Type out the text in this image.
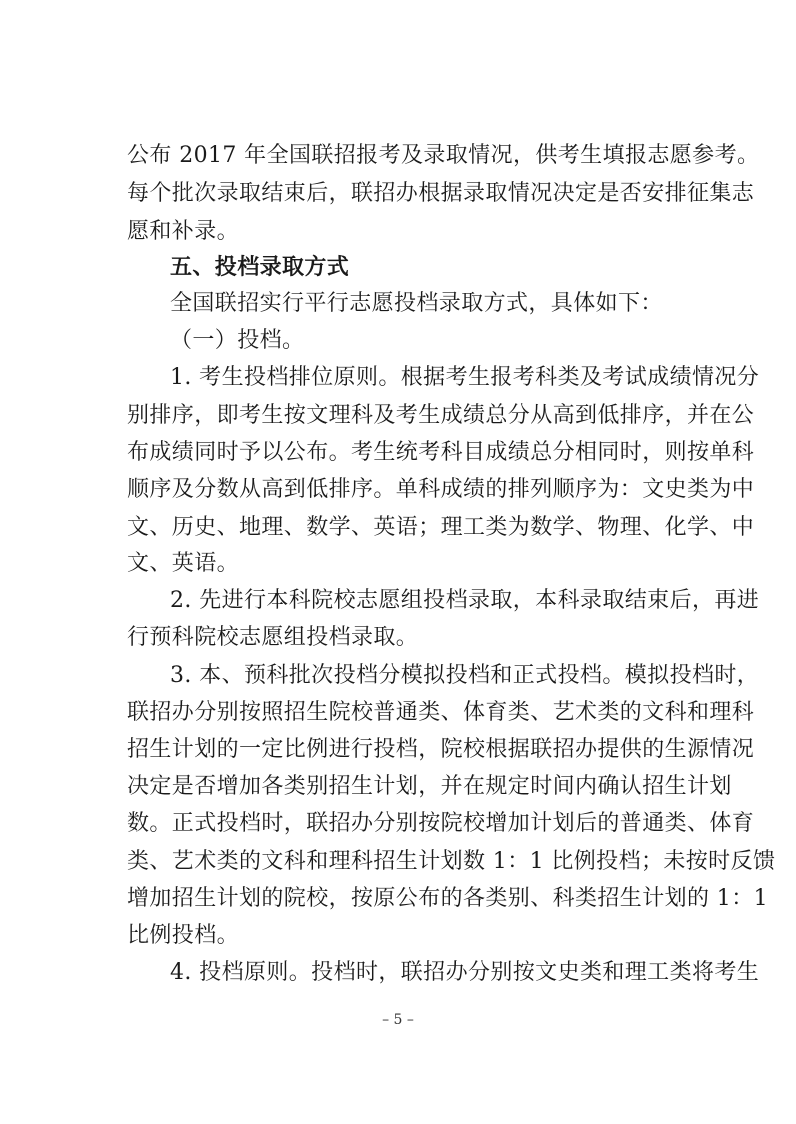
公布 2017 年全国联招报考及录取情况，供考生填报志愿参考。
每个批次录取结束后，联招办根据录取情况决定是否安排征集志
愿和补录。
五、投档录取方式
全国联招实行平行志愿投档录取方式，具体如下：
（一）投档。
1. 考生投档排位原则。根据考生报考科类及考试成绩情况分
别排序，即考生按文理科及考生成绩总分从高到低排序，并在公
布成绩同时予以公布。考生统考科目成绩总分相同时，则按单科
顺序及分数从高到低排序。单科成绩的排列顺序为：文史类为中
文、历史、地理、数学、英语；理工类为数学、物理、化学、中
文、英语。
2. 先进行本科院校志愿组投档录取，本科录取结束后，再进
行预科院校志愿组投档录取。
3. 本、预科批次投档分模拟投档和正式投档。模拟投档时，
联招办分别按照招生院校普通类、体育类、艺术类的文科和理科
招生计划的一定比例进行投档，院校根据联招办提供的生源情况
决定是否增加各类别招生计划，并在规定时间内确认招生计划
数。正式投档时，联招办分别按院校增加计划后的普通类、体育
类、艺术类的文科和理科招生计划数 1：1 比例投档；未按时反馈
增加招生计划的院校，按原公布的各类别、科类招生计划的 1：1
比例投档。
4. 投档原则。投档时，联招办分别按文史类和理工类将考生
– 5 –
